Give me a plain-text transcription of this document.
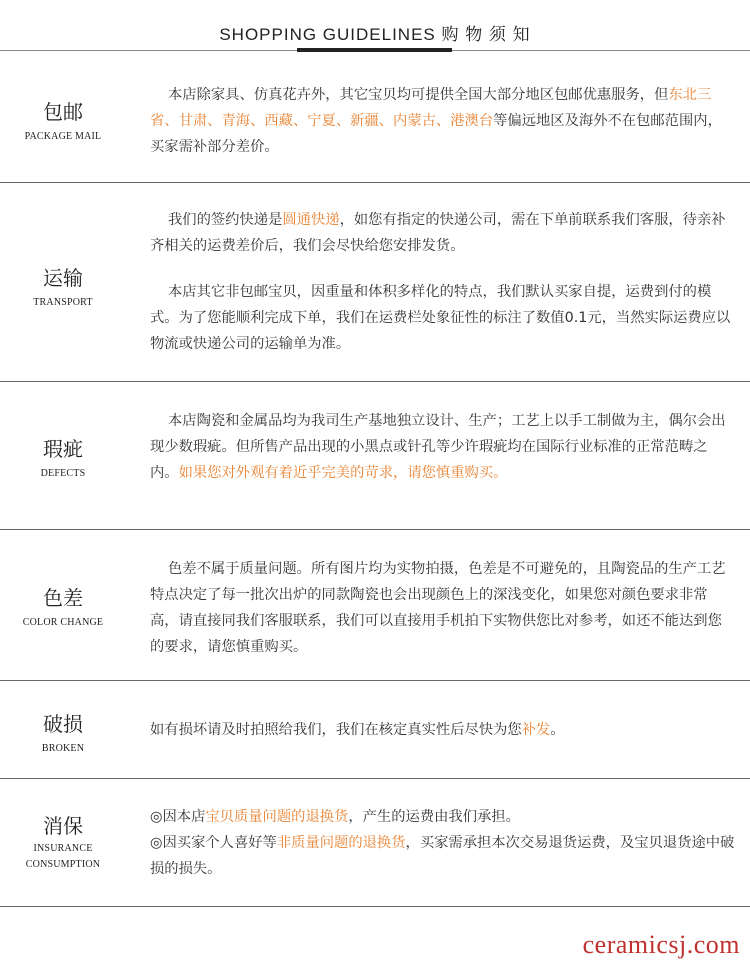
SHOPPING GUIDELINES 购 物 须 知
包邮
PACKAGE MAIL

本店除家具、仿真花卉外，其它宝贝均可提供全国大部分地区包邮优惠服务，但东北三省、甘肃、青海、西藏、宁夏、新疆、内蒙古、港澳台等偏远地区及海外不在包邮范围内，买家需补部分差价。

运输
TRANSPORT

我们的签约快递是圆通快递，如您有指定的快递公司，需在下单前联系我们客服，待亲补齐相关的运费差价后，我们会尽快给您安排发货。

本店其它非包邮宝贝，因重量和体积多样化的特点，我们默认买家自提，运费到付的模式。为了您能顺利完成下单，我们在运费栏处象征性的标注了数值0.1元，当然实际运费应以物流或快递公司的运输单为准。

瑕疵
DEFECTS

本店陶瓷和金属品均为我司生产基地独立设计、生产；工艺上以手工制做为主，偶尔会出现少数瑕疵。但所售产品出现的小黑点或针孔等少许瑕疵均在国际行业标准的正常范畴之内。如果您对外观有着近乎完美的苛求，请您慎重购买。

色差
COLOR CHANGE

色差不属于质量问题。所有图片均为实物拍摄，色差是不可避免的，且陶瓷品的生产工艺特点决定了每一批次出炉的同款陶瓷也会出现颜色上的深浅变化，如果您对颜色要求非常高，请直接同我们客服联系，我们可以直接用手机拍下实物供您比对参考，如还不能达到您的要求，请您慎重购买。

破损
BROKEN

如有损坏请及时拍照给我们，我们在核定真实性后尽快为您补发。

消保
INSURANCE
CONSUMPTION

◎因本店宝贝质量问题的退换货，产生的运费由我们承担。

◎因买家个人喜好等非质量问题的退换货，买家需承担本次交易退货运费，及宝贝退货途中破损的损失。

ceramicsj.com
